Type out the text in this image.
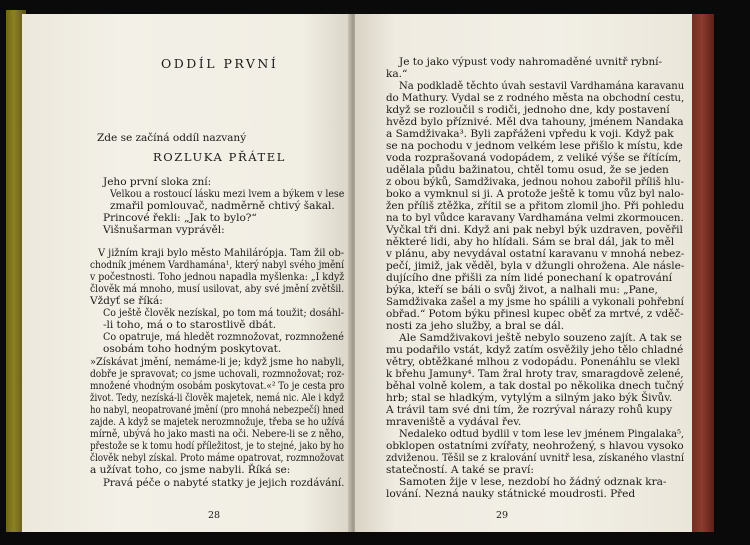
ODDÍL PRVNÍ
Zde se začíná oddíl nazvaný
ROZLUKA PŘÁTEL
Jeho první sloka zní:
Velkou a rostoucí lásku mezi lvem a býkem v lese
zmařil pomlouvač, nadměrně chtivý šakal.
Princové řekli: „Jak to bylo?“
Višnušarman vyprávěl:
V jižním kraji bylo město Mahilárópja. Tam žil ob-
chodník jménem Vardhamána¹, který nabyl svého jmění
v počestnosti. Toho jednou napadla myšlenka: „I když
člověk má mnoho, musí usilovat, aby své jmění zvětšil.
Vždyť se říká:
Co ještě člověk nezískal, po tom má toužit; dosáhl-
-li toho, má o to starostlivě dbát.
Co opatruje, má hledět rozmnožovat, rozmnožené
osobám toho hodným poskytovat.
»Získávat jmění, nemáme-li je; když jsme ho nabyli,
dobře je spravovat; co jsme uchovali, rozmnožovat; roz-
množené vhodným osobám poskytovat.«² To je cesta pro
život. Tedy, nezíská-li člověk majetek, nemá nic. Ale i když
ho nabyl, neopatrované jmění (pro mnohá nebezpečí) hned
zajde. A když se majetek nerozmnožuje, třeba se ho užívá
mírně, ubývá ho jako masti na oči. Nebere-li se z něho,
přestože se k tomu hodí příležitost, je to stejné, jako by ho
člověk nebyl získal. Proto máme opatrovat, rozmnožovat
a užívat toho, co jsme nabyli. Říká se:
Pravá péče o nabyté statky je jejich rozdávání.
28
Je to jako výpust vody nahromaděné uvnitř rybní-
ka.“
Na podkladě těchto úvah sestavil Vardhamána karavanu
do Mathury. Vydal se z rodného města na obchodní cestu,
když se rozloučil s rodiči, jednoho dne, kdy postavení
hvězd bylo příznivé. Měl dva tahouny, jménem Nandaka
a Samdživaka³. Byli zapřáženi vpředu k voji. Když pak
se na pochodu v jednom velkém lese přišlo k místu, kde
voda rozprašovaná vodopádem, z veliké výše se řítícím,
udělala půdu bažinatou, chtěl tomu osud, že se jeden
z obou býků, Samdživaka, jednou nohou zabořil příliš hlu-
boko a vymknul si ji. A protože ještě k tomu vůz byl nalo-
žen příliš ztěžka, zřítil se a přitom zlomil jho. Při pohledu
na to byl vůdce karavany Vardhamána velmi zkormoucen.
Vyčkal tři dni. Když ani pak nebyl býk uzdraven, pověřil
některé lidi, aby ho hlídali. Sám se bral dál, jak to měl
v plánu, aby nevydával ostatní karavanu v mnohá nebez-
pečí, jimiž, jak věděl, byla v džungli ohrožena. Ale násle-
dujícího dne přišli za ním lidé ponechaní k opatrování
býka, kteří se báli o svůj život, a nalhali mu: „Pane,
Samdživaka zašel a my jsme ho spálili a vykonali pohřební
obřad.“ Potom býku přinesl kupec oběť za mrtvé, z vděč-
nosti za jeho služby, a bral se dál.
Ale Samdživakovi ještě nebylo souzeno zajít. A tak se
mu podařilo vstát, když zatím osvěžily jeho tělo chladné
větry, obtěžkané mlhou z vodopádu. Ponenáhlu se vlekl
k břehu Jamuny⁴. Tam žral hroty trav, smaragdově zelené,
běhal volně kolem, a tak dostal po několika dnech tučný
hrb; stal se hladkým, vytylým a silným jako býk Šivův.
A trávil tam své dni tím, že rozrýval nárazy rohů kupy
mraveniště a vydával řev.
Nedaleko odtud bydlil v tom lese lev jménem Pingalaka⁵,
obklopen ostatními zvířaty, neohrožený, s hlavou vysoko
zdviženou. Těšil se z kralování uvnitř lesa, získaného vlastní
statečností. A také se praví:
Samoten žije v lese, nezdobí ho žádný odznak kra-
lování. Nezná nauky státnické moudrosti. Před
29
